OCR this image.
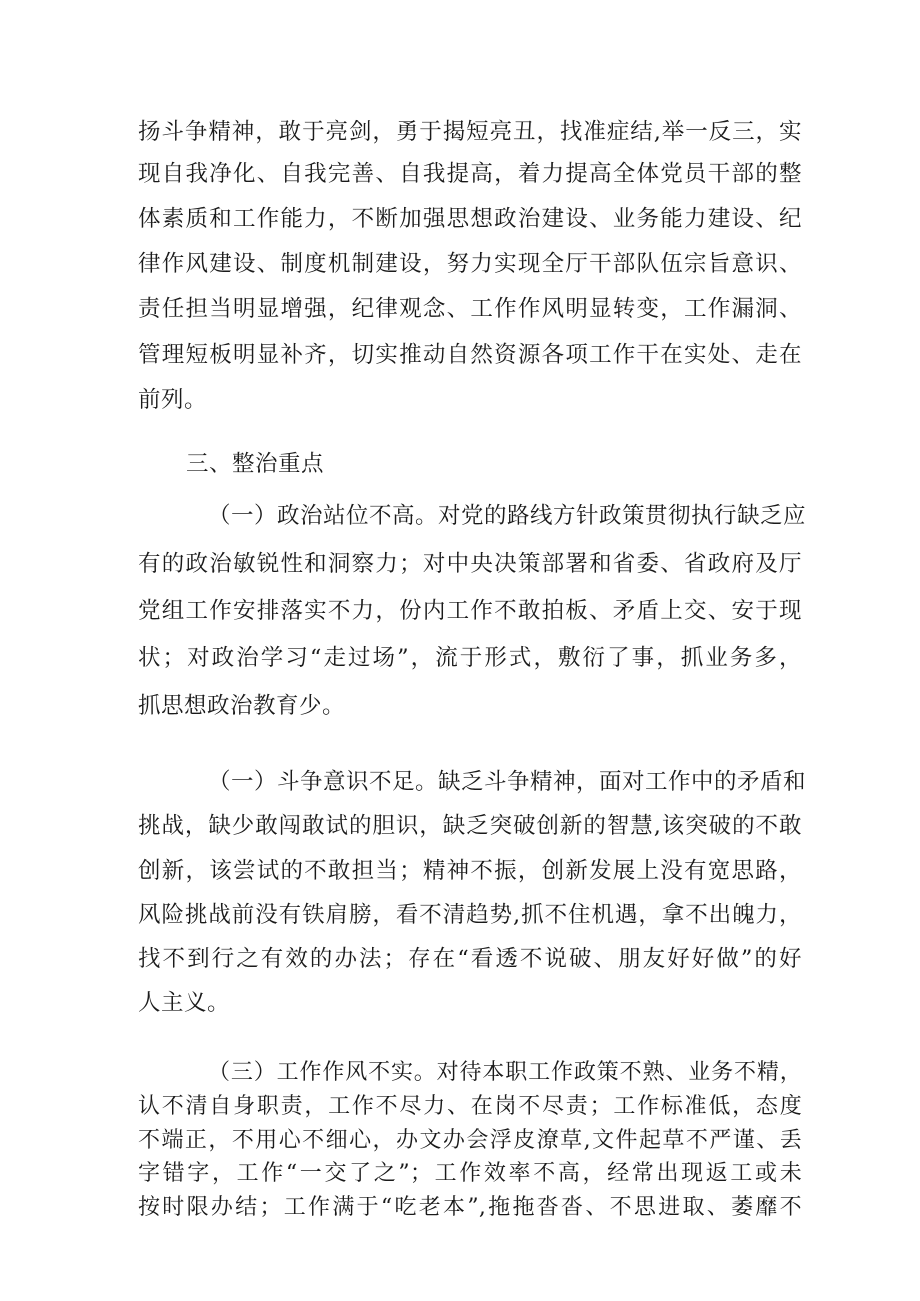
扬斗争精神，敢于亮剑，勇于揭短亮丑，找准症结,举一反三，实
现自我净化、自我完善、自我提高，着力提高全体党员干部的整
体素质和工作能力，不断加强思想政治建设、业务能力建设、纪
律作风建设、制度机制建设，努力实现全厅干部队伍宗旨意识、
责任担当明显增强，纪律观念、工作作风明显转变，工作漏洞、
管理短板明显补齐，切实推动自然资源各项工作干在实处、走在
前列。
三、整治重点
（一）政治站位不高。对党的路线方针政策贯彻执行缺乏应
有的政治敏锐性和洞察力；对中央决策部署和省委、省政府及厅
党组工作安排落实不力，份内工作不敢拍板、矛盾上交、安于现
状；对政治学习“走过场”，流于形式，敷衍了事，抓业务多，
抓思想政治教育少。
（一）斗争意识不足。缺乏斗争精神，面对工作中的矛盾和
挑战，缺少敢闯敢试的胆识，缺乏突破创新的智慧,该突破的不敢
创新，该尝试的不敢担当；精神不振，创新发展上没有宽思路，
风险挑战前没有铁肩膀，看不清趋势,抓不住机遇，拿不出魄力，
找不到行之有效的办法；存在“看透不说破、朋友好好做”的好
人主义。
（三）工作作风不实。对待本职工作政策不熟、业务不精，
认不清自身职责，工作不尽力、在岗不尽责；工作标准低，态度
不端正，不用心不细心，办文办会浮皮潦草,文件起草不严谨、丢
字错字，工作“一交了之”；工作效率不高，经常出现返工或未
按时限办结；工作满于“吃老本”,拖拖沓沓、不思进取、萎靡不
